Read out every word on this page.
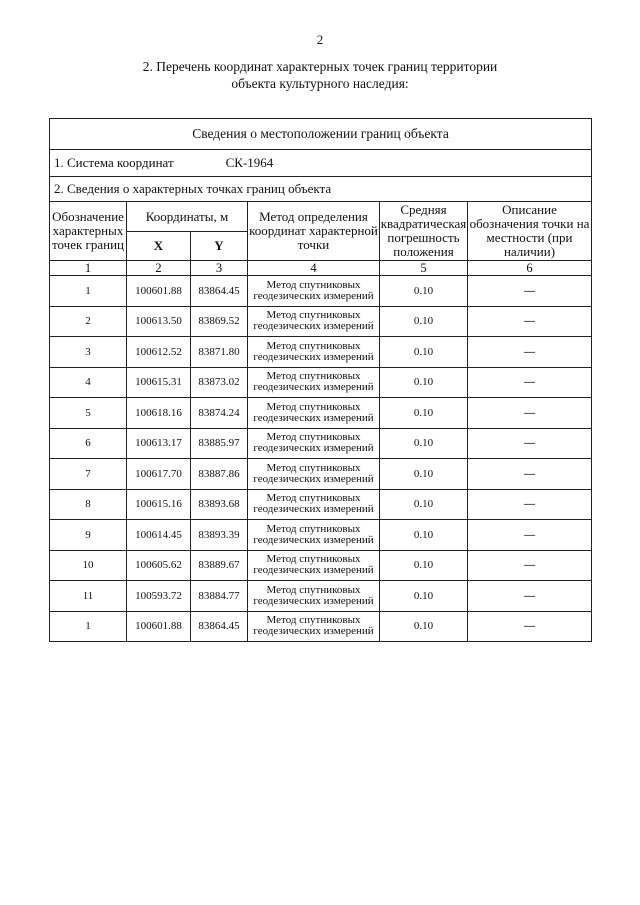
2
2. Перечень координат характерных точек границ территории
объекта культурного наследия:
Сведения о местоположении границ объекта					
1. Система координат СК-1964					
2. Сведения о характерных точках границ объекта					
Обозначение характерных точек границ	Координаты, м		Метод определения координат характерной точки	Средняя квадратическая погрешность положения	Описание обозначения точки на местности (при наличии)
	X	Y			
1	2	3	4	5	6
1	100601.88	83864.45	Метод спутниковых геодезических измерений	0.10	—
2	100613.50	83869.52	Метод спутниковых геодезических измерений	0.10	—
3	100612.52	83871.80	Метод спутниковых геодезических измерений	0.10	—
4	100615.31	83873.02	Метод спутниковых геодезических измерений	0.10	—
5	100618.16	83874.24	Метод спутниковых геодезических измерений	0.10	—
6	100613.17	83885.97	Метод спутниковых геодезических измерений	0.10	—
7	100617.70	83887.86	Метод спутниковых геодезических измерений	0.10	—
8	100615.16	83893.68	Метод спутниковых геодезических измерений	0.10	—
9	100614.45	83893.39	Метод спутниковых геодезических измерений	0.10	—
10	100605.62	83889.67	Метод спутниковых геодезических измерений	0.10	—
11	100593.72	83884.77	Метод спутниковых геодезических измерений	0.10	—
1	100601.88	83864.45	Метод спутниковых геодезических измерений	0.10	—
